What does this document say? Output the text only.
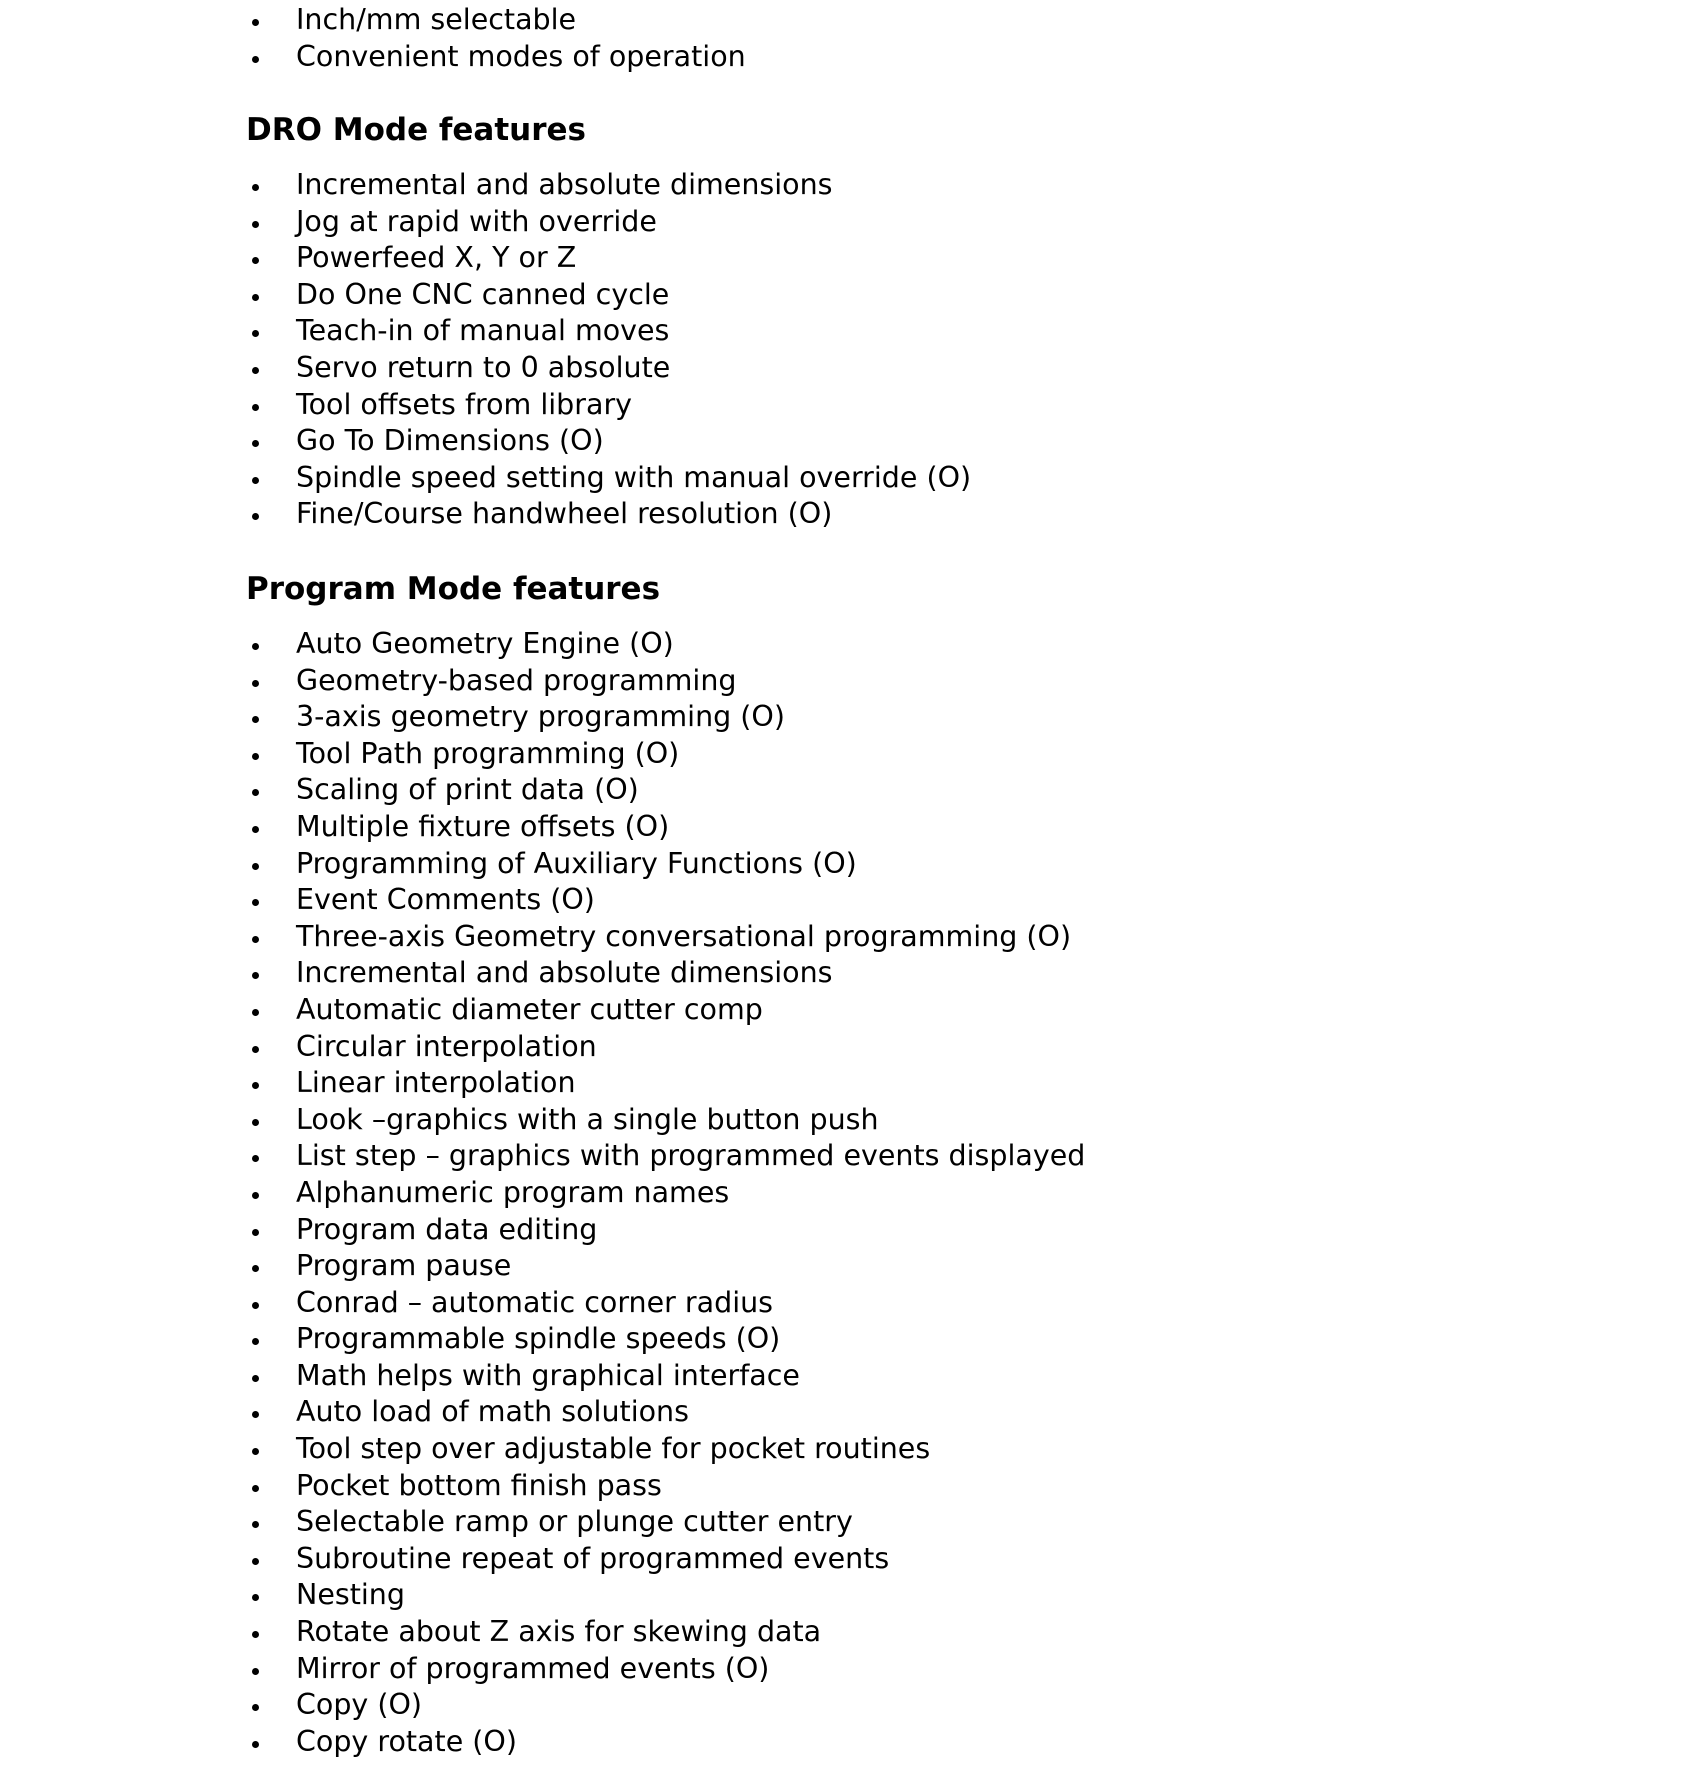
Inch/mm selectable
Convenient modes of operation
DRO Mode features
Incremental and absolute dimensions
Jog at rapid with override
Powerfeed X, Y or Z
Do One CNC canned cycle
Teach-in of manual moves
Servo return to 0 absolute
Tool offsets from library
Go To Dimensions (O)
Spindle speed setting with manual override (O)
Fine/Course handwheel resolution (O)
Program Mode features
Auto Geometry Engine (O)
Geometry-based programming
3-axis geometry programming (O)
Tool Path programming (O)
Scaling of print data (O)
Multiple fixture offsets (O)
Programming of Auxiliary Functions (O)
Event Comments (O)
Three-axis Geometry conversational programming (O)
Incremental and absolute dimensions
Automatic diameter cutter comp
Circular interpolation
Linear interpolation
Look –graphics with a single button push
List step – graphics with programmed events displayed
Alphanumeric program names
Program data editing
Program pause
Conrad – automatic corner radius
Programmable spindle speeds (O)
Math helps with graphical interface
Auto load of math solutions
Tool step over adjustable for pocket routines
Pocket bottom finish pass
Selectable ramp or plunge cutter entry
Subroutine repeat of programmed events
Nesting
Rotate about Z axis for skewing data
Mirror of programmed events (O)
Copy (O)
Copy rotate (O)
